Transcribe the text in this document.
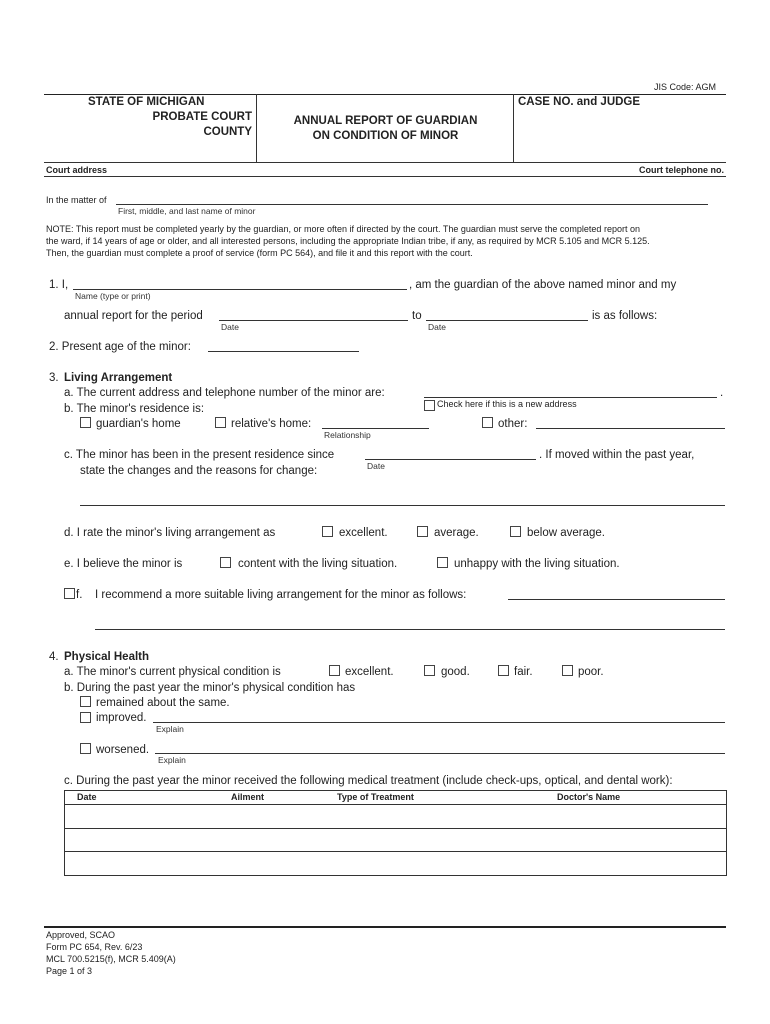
JIS Code: AGM
STATE OF MICHIGAN
PROBATE COURT
COUNTY
ANNUAL REPORT OF GUARDIAN
ON CONDITION OF MINOR
CASE NO. and JUDGE
Court address	Court telephone no.
In the matter of
First, middle, and last name of minor
NOTE: This report must be completed yearly by the guardian, or more often if directed by the court. The guardian must serve the completed report on
the ward, if 14 years of age or older, and all interested persons, including the appropriate Indian tribe, if any, as required by MCR 5.105 and MCR 5.125.
Then, the guardian must complete a proof of service (form PC 564), and file it and this report with the court.
1. I,	, am the guardian of the above named minor and my
Name (type or print)
annual report for the period	to	is as follows:
Date	Date
2. Present age of the minor:
3. Living Arrangement
a. The current address and telephone number of the minor are:	.
Check here if this is a new address
b. The minor's residence is:
guardian's home	relative's home:
Relationship
other:
c. The minor has been in the present residence since	. If moved within the past year,
Date
state the changes and the reasons for change:
d. I rate the minor's living arrangement as	excellent.	average.	below average.
e. I believe the minor is	content with the living situation.	unhappy with the living situation.
f. I recommend a more suitable living arrangement for the minor as follows:
4. Physical Health
a. The minor's current physical condition is	excellent.	good.	fair.	poor.
b. During the past year the minor's physical condition has
remained about the same.
improved.
Explain
worsened.
Explain
c. During the past year the minor received the following medical treatment (include check-ups, optical, and dental work):
Date	Ailment	Type of Treatment	Doctor's Name
Approved, SCAO
Form PC 654, Rev. 6/23
MCL 700.5215(f), MCR 5.409(A)
Page 1 of 3
